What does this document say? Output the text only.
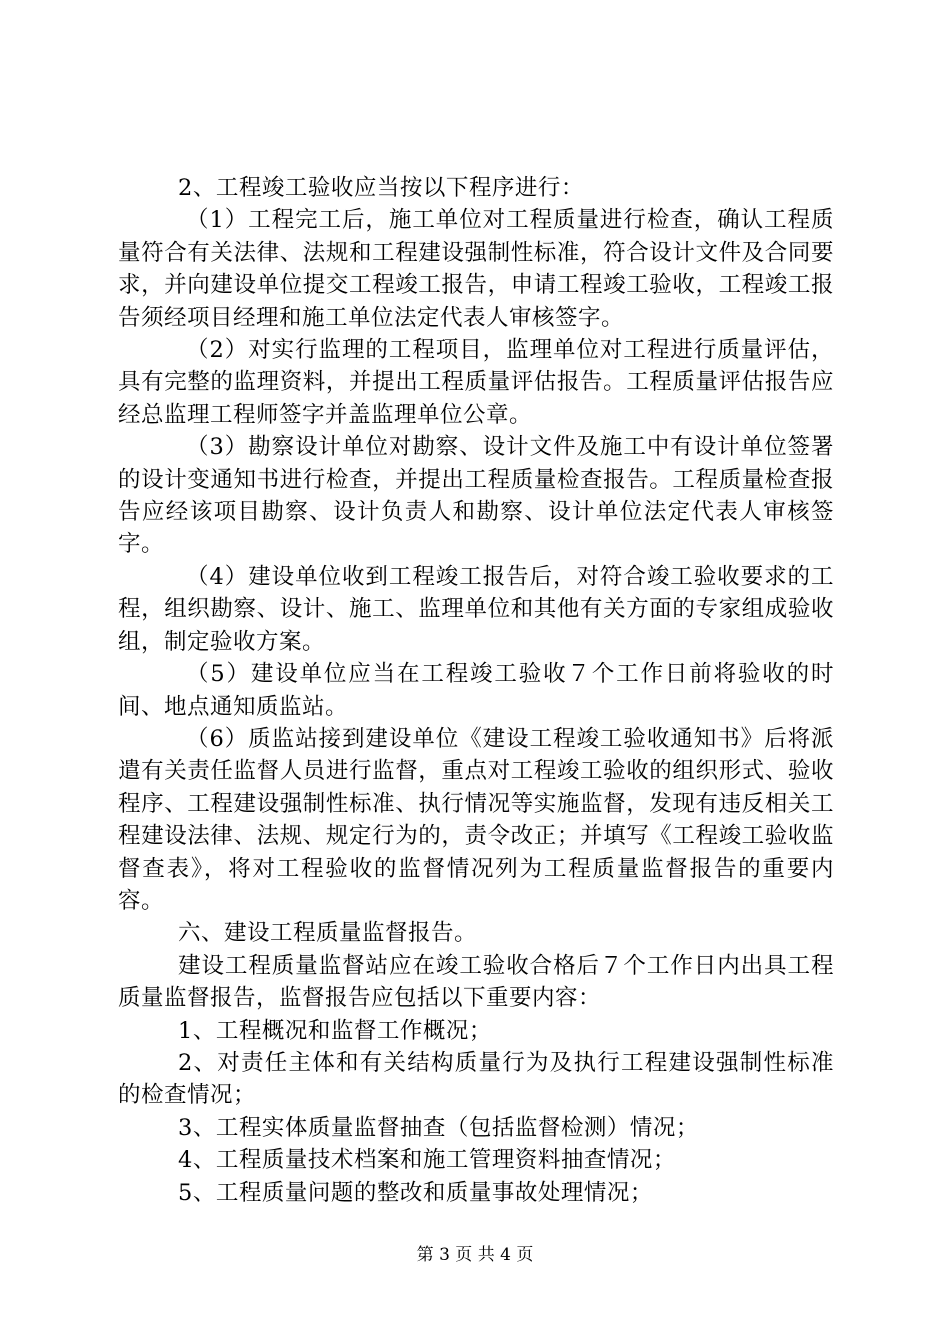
2、工程竣工验收应当按以下程序进行：

（1）工程完工后，施工单位对工程质量进行检查，确认工程质量符合有关法律、法规和工程建设强制性标准，符合设计文件及合同要求，并向建设单位提交工程竣工报告，申请工程竣工验收，工程竣工报告须经项目经理和施工单位法定代表人审核签字。

（2）对实行监理的工程项目，监理单位对工程进行质量评估，具有完整的监理资料，并提出工程质量评估报告。工程质量评估报告应经总监理工程师签字并盖监理单位公章。

（3）勘察设计单位对勘察、设计文件及施工中有设计单位签署的设计变通知书进行检查，并提出工程质量检查报告。工程质量检查报告应经该项目勘察、设计负责人和勘察、设计单位法定代表人审核签字。

（4）建设单位收到工程竣工报告后，对符合竣工验收要求的工程，组织勘察、设计、施工、监理单位和其他有关方面的专家组成验收组，制定验收方案。

（5）建设单位应当在工程竣工验收７个工作日前将验收的时间、地点通知质监站。

（6）质监站接到建设单位《建设工程竣工验收通知书》后将派遣有关责任监督人员进行监督，重点对工程竣工验收的组织形式、验收程序、工程建设强制性标准、执行情况等实施监督，发现有违反相关工程建设法律、法规、规定行为的，责令改正；并填写《工程竣工验收监督查表》，将对工程验收的监督情况列为工程质量监督报告的重要内容。

六、建设工程质量监督报告。

建设工程质量监督站应在竣工验收合格后７个工作日内出具工程质量监督报告，监督报告应包括以下重要内容：

1、工程概况和监督工作概况；

2、对责任主体和有关结构质量行为及执行工程建设强制性标准的检查情况；

3、工程实体质量监督抽查（包括监督检测）情况；

4、工程质量技术档案和施工管理资料抽查情况；

5、工程质量问题的整改和质量事故处理情况；

第 3 页 共 4 页
